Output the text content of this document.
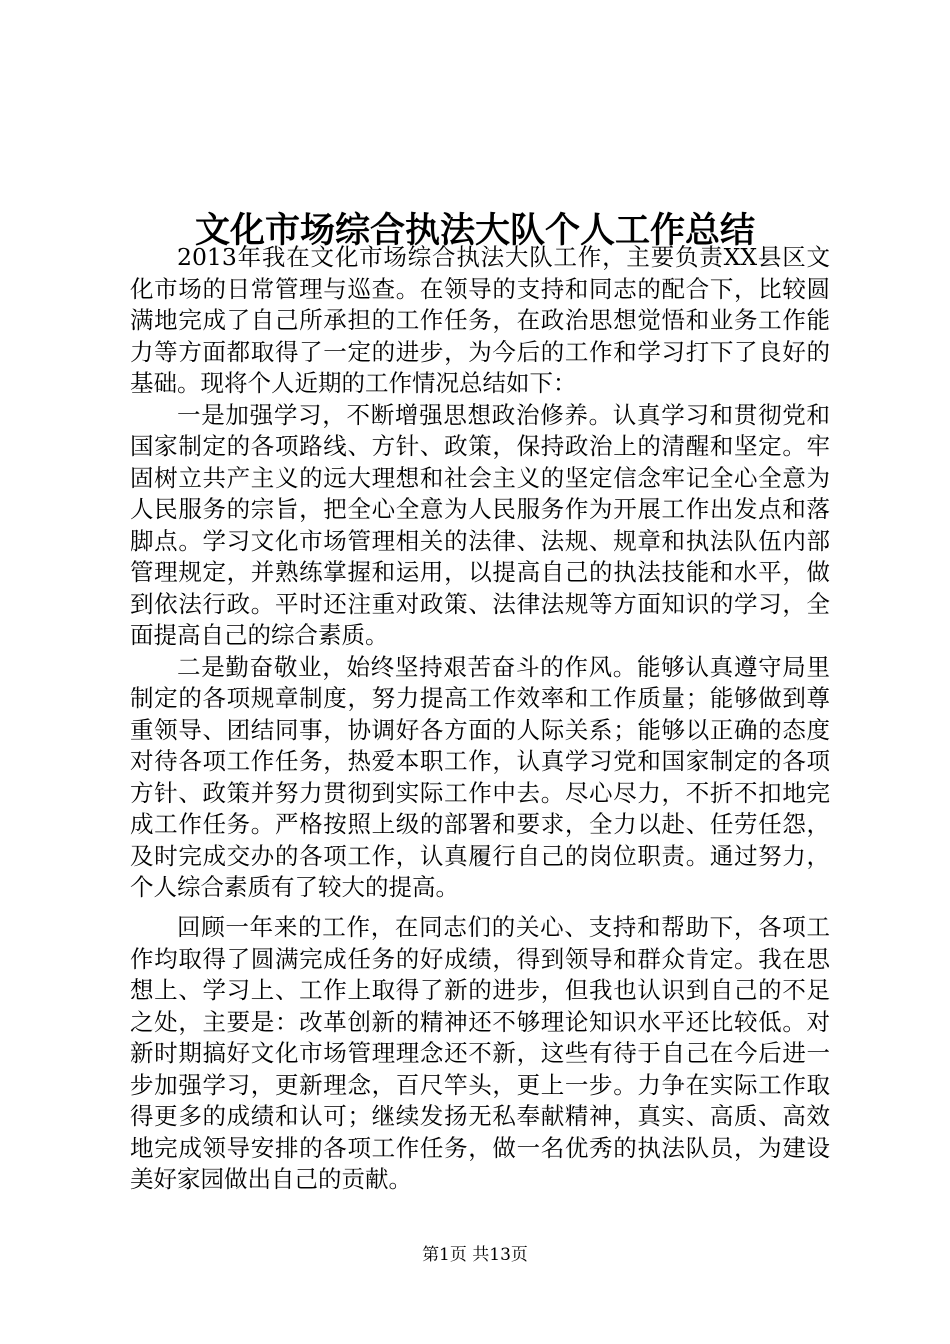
文化市场综合执法大队个人工作总结

2013年我在文化市场综合执法大队工作，主要负责XX县区文化市场的日常管理与巡查。在领导的支持和同志的配合下，比较圆满地完成了自己所承担的工作任务，在政治思想觉悟和业务工作能力等方面都取得了一定的进步，为今后的工作和学习打下了良好的基础。现将个人近期的工作情况总结如下：

一是加强学习，不断增强思想政治修养。认真学习和贯彻党和国家制定的各项路线、方针、政策，保持政治上的清醒和坚定。牢固树立共产主义的远大理想和社会主义的坚定信念牢记全心全意为人民服务的宗旨，把全心全意为人民服务作为开展工作出发点和落脚点。学习文化市场管理相关的法律、法规、规章和执法队伍内部管理规定，并熟练掌握和运用，以提高自己的执法技能和水平，做到依法行政。平时还注重对政策、法律法规等方面知识的学习，全面提高自己的综合素质。

二是勤奋敬业，始终坚持艰苦奋斗的作风。能够认真遵守局里制定的各项规章制度，努力提高工作效率和工作质量；能够做到尊重领导、团结同事，协调好各方面的人际关系；能够以正确的态度对待各项工作任务，热爱本职工作，认真学习党和国家制定的各项方针、政策并努力贯彻到实际工作中去。尽心尽力，不折不扣地完成工作任务。严格按照上级的部署和要求，全力以赴、任劳任怨，及时完成交办的各项工作，认真履行自己的岗位职责。通过努力，个人综合素质有了较大的提高。

回顾一年来的工作，在同志们的关心、支持和帮助下，各项工作均取得了圆满完成任务的好成绩，得到领导和群众肯定。我在思想上、学习上、工作上取得了新的进步，但我也认识到自己的不足之处，主要是：改革创新的精神还不够理论知识水平还比较低。对新时期搞好文化市场管理理念还不新，这些有待于自己在今后进一步加强学习，更新理念，百尺竿头，更上一步。力争在实际工作取得更多的成绩和认可；继续发扬无私奉献精神，真实、高质、高效地完成领导安排的各项工作任务，做一名优秀的执法队员，为建设美好家园做出自己的贡献。

第1页 共13页
